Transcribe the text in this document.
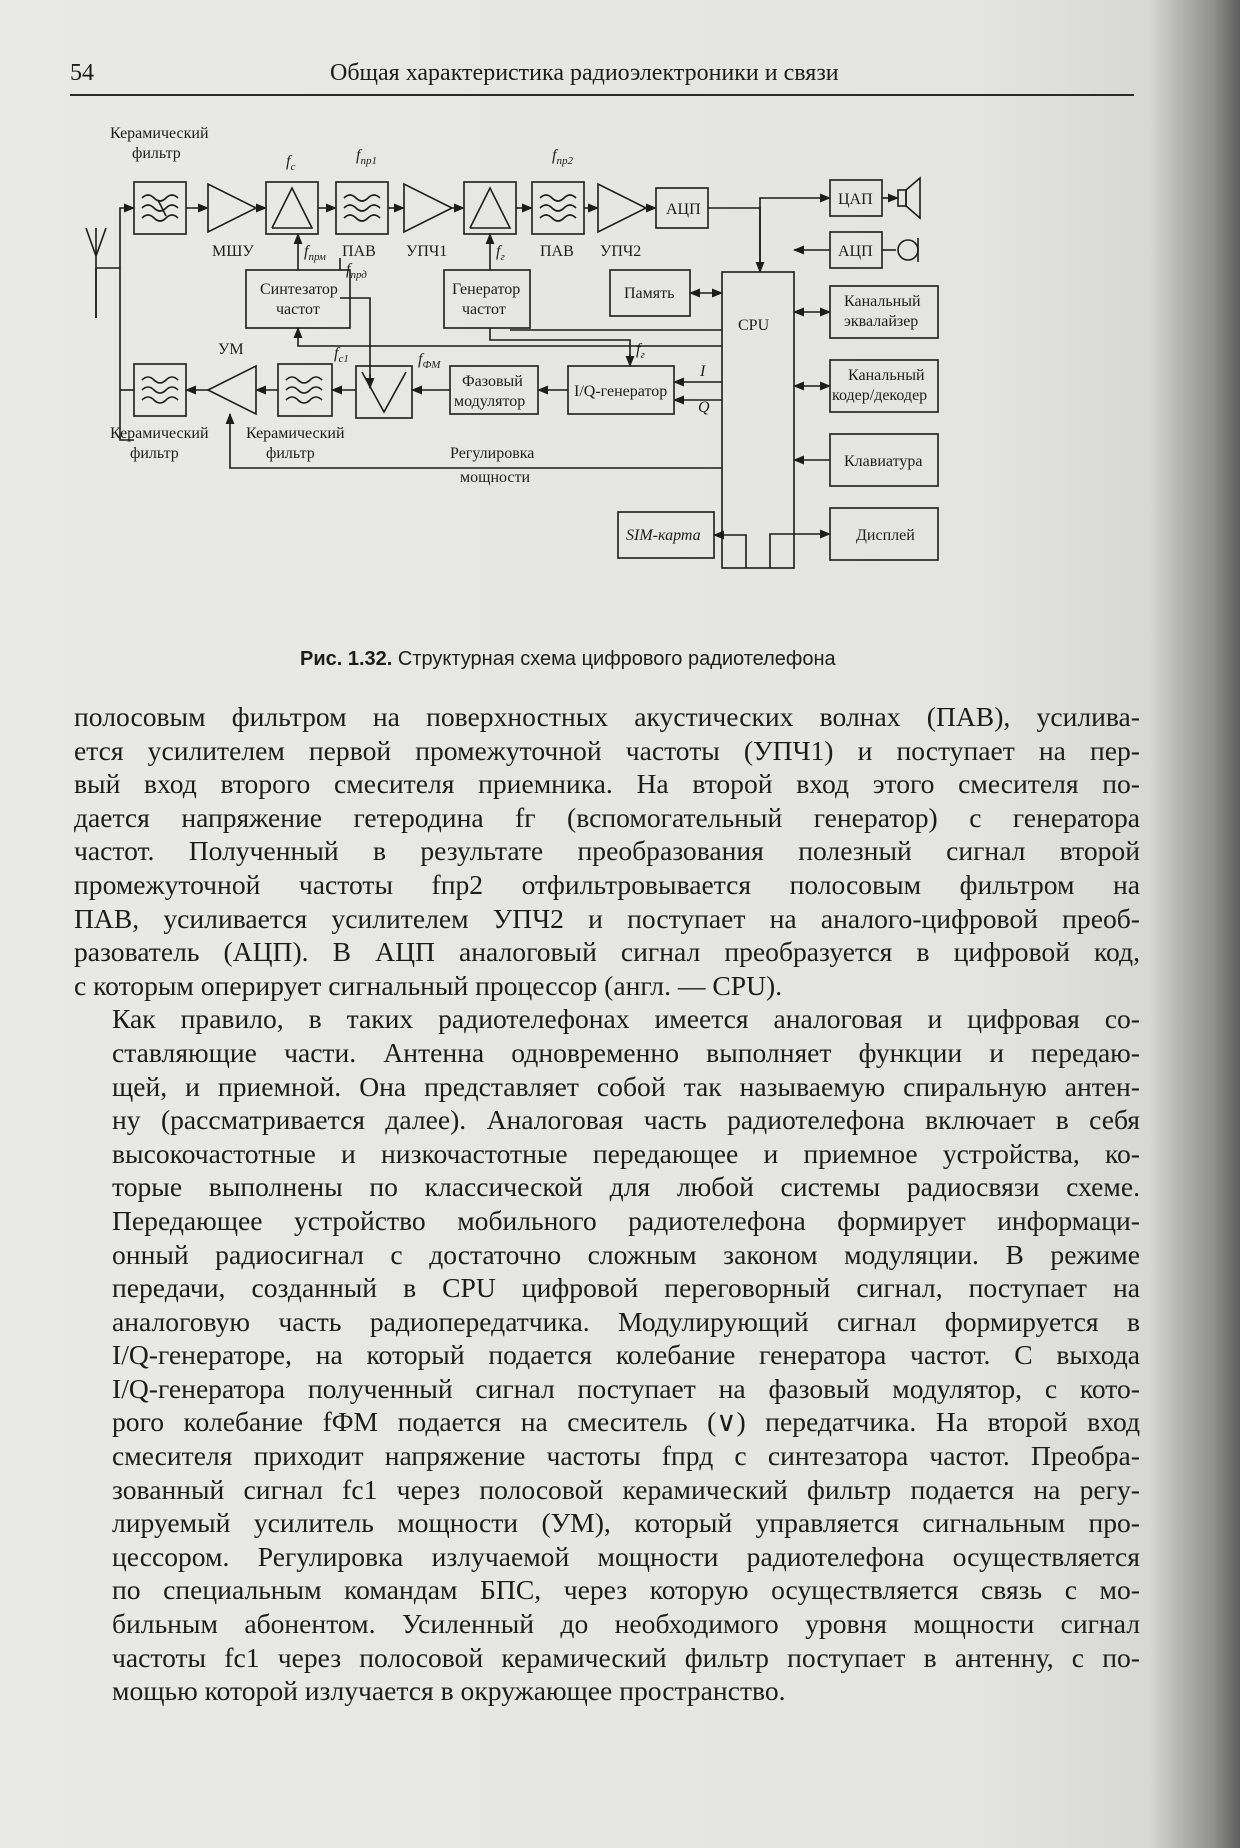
54	Общая характеристика радиоэлектроники и связи
Керамический
фильтр
МШУ	ПАВ УПЧ1	ПАВ УПЧ2
АЦП
ЦАП
АЦП
Синтезатор
частот
Генератор
частот
Память
CPU
Канальный
эквалайзер
Канальный
кодер/декодер
Клавиатура
Дисплей
SIM-карта
Фазовый
модулятор
I/Q-генератор
I
Q
УМ
Керамический
фильтр
Керамический
фильтр	Регулировка
мощности
$f_c$
$f_{пр1}$	$f_{пр2}$
$f_{прм}$
$f_{прд}$
$f_г$
$f_г$
$f_{c1}$	$f_{ФМ}$
Рис. 1.32. Структурная схема цифрового радиотелефона

полосовым фильтром на поверхностных акустических волнах (ПАВ), усилива-
ется усилителем первой промежуточной частоты (УПЧ1) и поступает на пер-
вый вход второго смесителя приемника. На второй вход этого смесителя по-
дается напряжение гетеродина fг (вспомогательный генератор) с генератора
частот. Полученный в результате преобразования полезный сигнал второй
промежуточной частоты fпр2 отфильтровывается полосовым фильтром на
ПАВ, усиливается усилителем УПЧ2 и поступает на аналого-цифровой преоб-
разователь (АЦП). В АЦП аналоговый сигнал преобразуется в цифровой код,
с которым оперирует сигнальный процессор (англ. — CPU).

Как правило, в таких радиотелефонах имеется аналоговая и цифровая со-
ставляющие части. Антенна одновременно выполняет функции и передаю-
щей, и приемной. Она представляет собой так называемую спиральную антен-
ну (рассматривается далее). Аналоговая часть радиотелефона включает в себя
высокочастотные и низкочастотные передающее и приемное устройства, ко-
торые выполнены по классической для любой системы радиосвязи схеме.
Передающее устройство мобильного радиотелефона формирует информаци-
онный радиосигнал с достаточно сложным законом модуляции. В режиме
передачи, созданный в CPU цифровой переговорный сигнал, поступает на
аналоговую часть радиопередатчика. Модулирующий сигнал формируется в
I/Q-генераторе, на который подается колебание генератора частот. С выхода
I/Q-генератора полученный сигнал поступает на фазовый модулятор, с кото-
рого колебание fФМ подается на смеситель (∨) передатчика. На второй вход
смесителя приходит напряжение частоты fпрд с синтезатора частот. Преобра-
зованный сигнал fc1 через полосовой керамический фильтр подается на регу-
лируемый усилитель мощности (УМ), который управляется сигнальным про-
цессором. Регулировка излучаемой мощности радиотелефона осуществляется
по специальным командам БПС, через которую осуществляется связь с мо-
бильным абонентом. Усиленный до необходимого уровня мощности сигнал
частоты fc1 через полосовой керамический фильтр поступает в антенну, с по-
мощью которой излучается в окружающее пространство.
